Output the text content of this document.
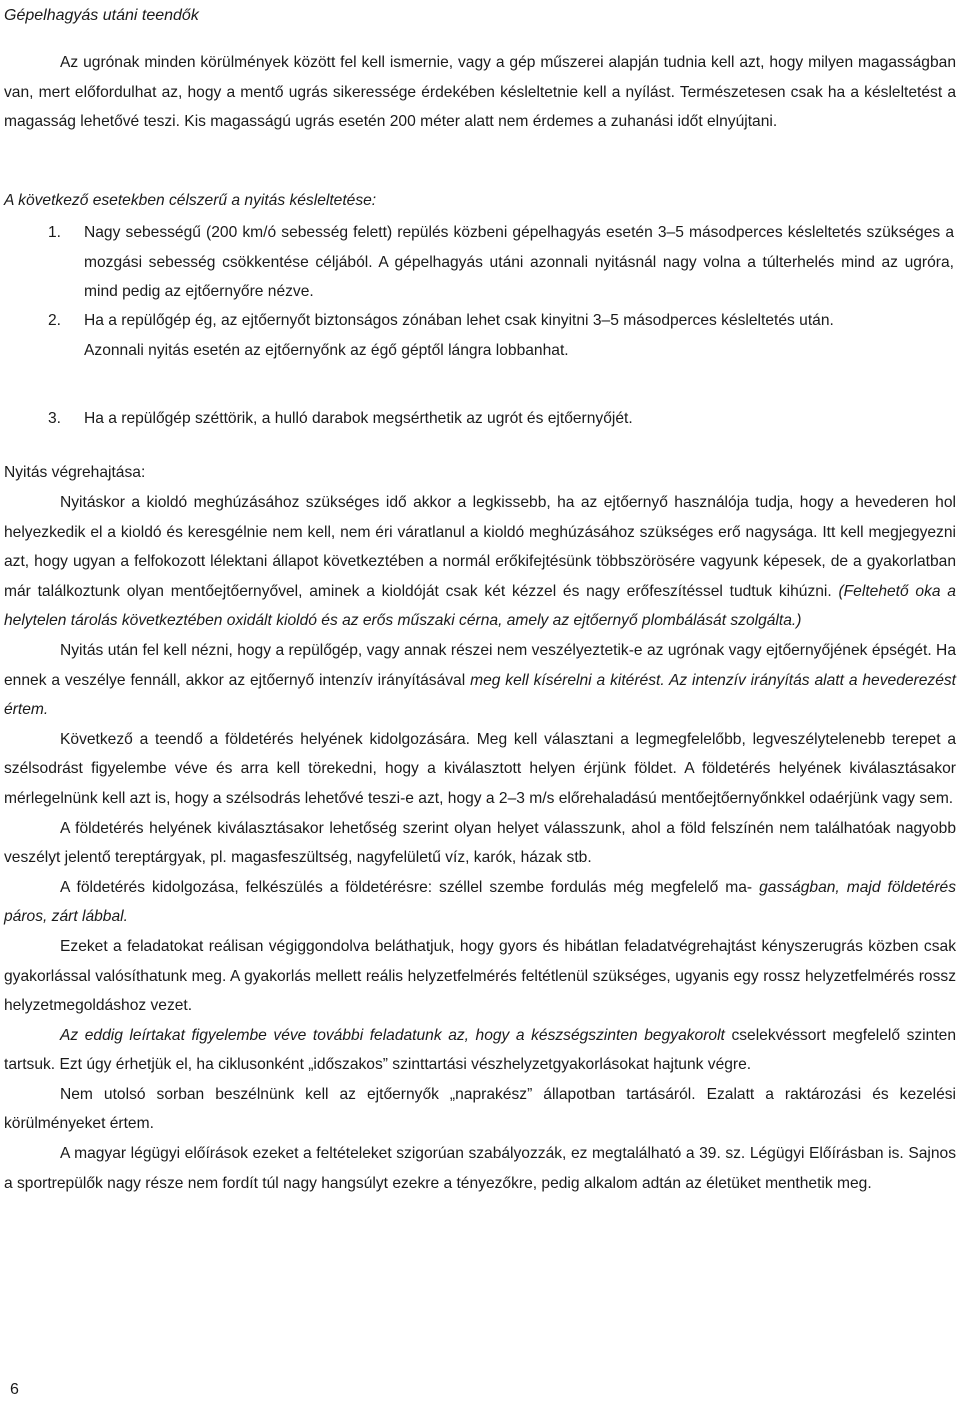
Gépelhagyás utáni teendők

Az ugrónak minden körülmények között fel kell ismernie, vagy a gép műszerei alapján tudnia kell azt, hogy milyen magasságban van, mert előfordulhat az, hogy a mentő ugrás sikeressége érdekében késleltetnie kell a nyílást. Természetesen csak ha a késleltetést a magasság lehetővé teszi. Kis magasságú ugrás esetén 200 méter alatt nem érdemes a zuhanási időt elnyújtani.

A következő esetekben célszerű a nyitás késleltetése:

1.	Nagy sebességű (200 km/ó sebesség felett) repülés közbeni gépelhagyás esetén 3–5 másodperces késleltetés szükséges a mozgási sebesség csökkentése céljából. A gépelhagyás utáni azonnali nyitásnál nagy volna a túlterhelés mind az ugróra, mind pedig az ejtőernyőre nézve.
2.	Ha a repülőgép ég, az ejtőernyőt biztonságos zónában lehet csak kinyitni 3–5 másodperces késleltetés után.
Azonnali nyitás esetén az ejtőernyőnk az égő géptől lángra lobbanhat.
3.	Ha a repülőgép széttörik, a hulló darabok megsérthetik az ugrót és ejtőernyőjét.

Nyitás végrehajtása:

Nyitáskor a kioldó meghúzásához szükséges idő akkor a legkissebb, ha az ejtőernyő használója tudja, hogy a hevederen hol helyezkedik el a kioldó és keresgélnie nem kell, nem éri váratlanul a kioldó meghúzásához szükséges erő nagysága. Itt kell megjegyezni azt, hogy ugyan a felfokozott lélektani állapot következtében a normál erőkifejtésünk többszörösére vagyunk képesek, de a gyakorlatban már találkoztunk olyan mentőejtőernyővel, aminek a kioldóját csak két kézzel és nagy erőfeszítéssel tudtuk kihúzni. (Feltehető oka a helytelen tárolás következtében oxidált kioldó és az erős műszaki cérna, amely az ejtőernyő plombálását szolgálta.)

Nyitás után fel kell nézni, hogy a repülőgép, vagy annak részei nem veszélyeztetik-e az ugrónak vagy ejtőernyőjének épségét. Ha ennek a veszélye fennáll, akkor az ejtőernyő intenzív irányításával meg kell kísérelni a kitérést. Az intenzív irányítás alatt a hevederezést értem.

Következő a teendő a földetérés helyének kidolgozására. Meg kell választani a legmegfelelőbb, legveszélytelenebb terepet a szélsodrást figyelembe véve és arra kell törekedni, hogy a kiválasztott helyen érjünk földet. A földetérés helyének kiválasztásakor mérlegelnünk kell azt is, hogy a szélsodrás lehetővé teszi-e azt, hogy a 2–3 m/s előrehaladású mentőejtőernyőnkkel odaérjünk vagy sem.

A földetérés helyének kiválasztásakor lehetőség szerint olyan helyet válasszunk, ahol a föld felszínén nem találhatóak nagyobb veszélyt jelentő tereptárgyak, pl. magasfeszültség, nagyfelületű víz, karók, házak stb.

A földetérés kidolgozása, felkészülés a földetérésre: széllel szembe fordulás még megfelelő ma- gasságban, majd földetérés páros, zárt lábbal.

Ezeket a feladatokat reálisan végiggondolva beláthatjuk, hogy gyors és hibátlan feladatvégrehajtást kényszerugrás közben csak gyakorlással valósíthatunk meg. A gyakorlás mellett reális helyzetfelmérés feltétlenül szükséges, ugyanis egy rossz helyzetfelmérés rossz helyzetmegoldáshoz vezet.

Az eddig leírtakat figyelembe véve további feladatunk az, hogy a készségszinten begyakorolt cselekvéssort megfelelő szinten tartsuk. Ezt úgy érhetjük el, ha ciklusonként „időszakos” szinttartási vészhelyzetgyakorlásokat hajtunk végre.

Nem utolsó sorban beszélnünk kell az ejtőernyők „naprakész” állapotban tartásáról. Ezalatt a raktározási és kezelési körülményeket értem.

A magyar légügyi előírások ezeket a feltételeket szigorúan szabályozzák, ez megtalálható a 39. sz. Légügyi Előírásban is. Sajnos a sportrepülők nagy része nem fordít túl nagy hangsúlyt ezekre a tényezőkre, pedig alkalom adtán az életüket menthetik meg.

6
